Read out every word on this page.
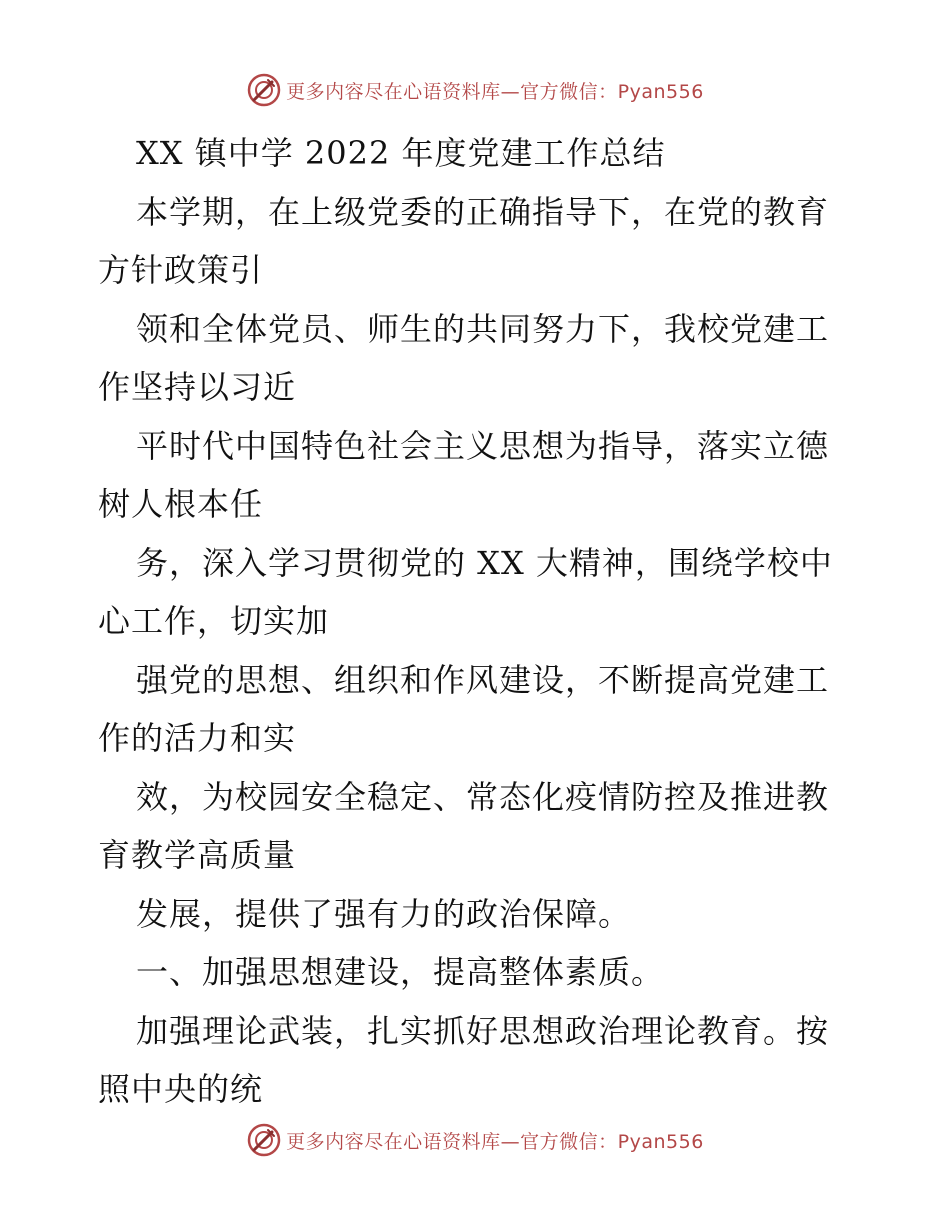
更多内容尽在心语资料库—官方微信：Pyan556
XX 镇中学 2022 年度党建工作总结
本学期，在上级党委的正确指导下，在党的教育
方针政策引
领和全体党员、师生的共同努力下，我校党建工
作坚持以习近
平时代中国特色社会主义思想为指导，落实立德
树人根本任
务，深入学习贯彻党的 XX 大精神，围绕学校中
心工作，切实加
强党的思想、组织和作风建设，不断提高党建工
作的活力和实
效，为校园安全稳定、常态化疫情防控及推进教
育教学高质量
发展，提供了强有力的政治保障。
一、加强思想建设，提高整体素质。
加强理论武装，扎实抓好思想政治理论教育。按
照中央的统
更多内容尽在心语资料库—官方微信：Pyan556
